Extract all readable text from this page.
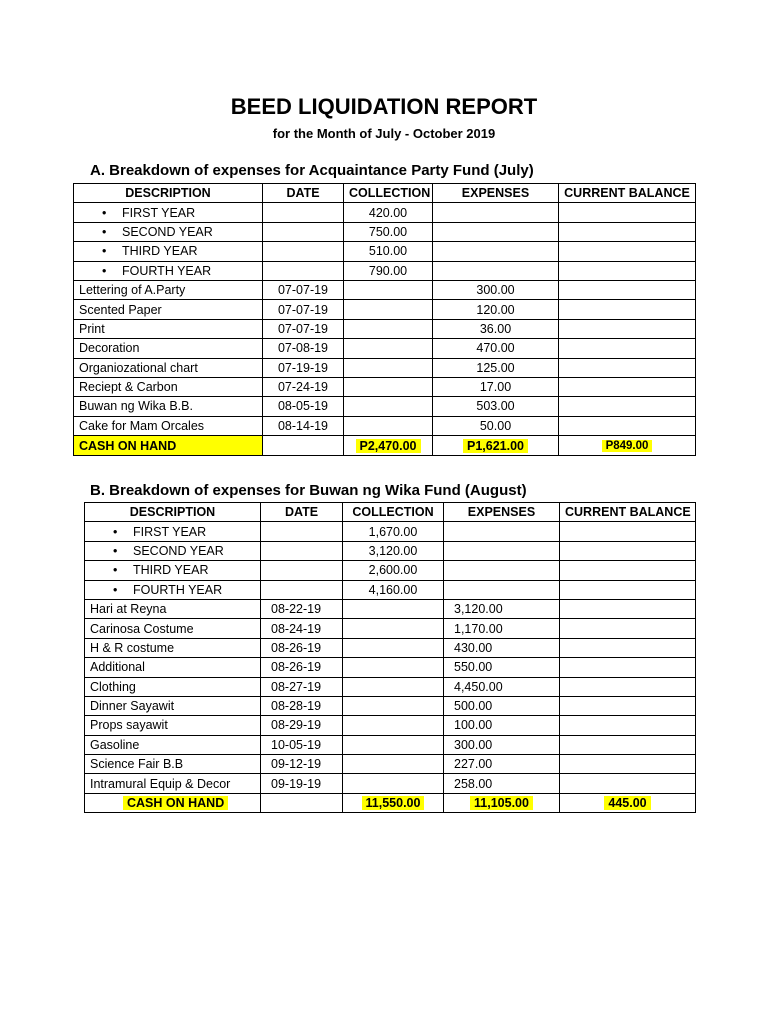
BEED LIQUIDATION REPORT
for the Month of July - October 2019
A. Breakdown of expenses for Acquaintance Party Fund (July)
DESCRIPTION	DATE	COLLECTION	EXPENSES	CURRENT BALANCE
• FIRST YEAR		420.00		
• SECOND YEAR		750.00		
• THIRD YEAR		510.00		
• FOURTH YEAR		790.00		
Lettering of A.Party	07-07-19		300.00	
Scented Paper	07-07-19		120.00	
Print	07-07-19		36.00	
Decoration	07-08-19		470.00	
Organiozational chart	07-19-19		125.00	
Reciept & Carbon	07-24-19		17.00	
Buwan ng Wika B.B.	08-05-19		503.00	
Cake for Mam Orcales	08-14-19		50.00	
CASH ON HAND		P2,470.00	P1,621.00	P849.00
B. Breakdown of expenses for Buwan ng Wika Fund (August)
DESCRIPTION	DATE	COLLECTION	EXPENSES	CURRENT BALANCE
• FIRST YEAR		1,670.00		
• SECOND YEAR		3,120.00		
• THIRD YEAR		2,600.00		
• FOURTH YEAR		4,160.00		
Hari at Reyna	08-22-19		3,120.00	
Carinosa Costume	08-24-19		1,170.00	
H & R costume	08-26-19		430.00	
Additional	08-26-19		550.00	
Clothing	08-27-19		4,450.00	
Dinner Sayawit	08-28-19		500.00	
Props sayawit	08-29-19		100.00	
Gasoline	10-05-19		300.00	
Science Fair B.B	09-12-19		227.00	
Intramural Equip & Decor	09-19-19		258.00	
CASH ON HAND		11,550.00	11,105.00	445.00
